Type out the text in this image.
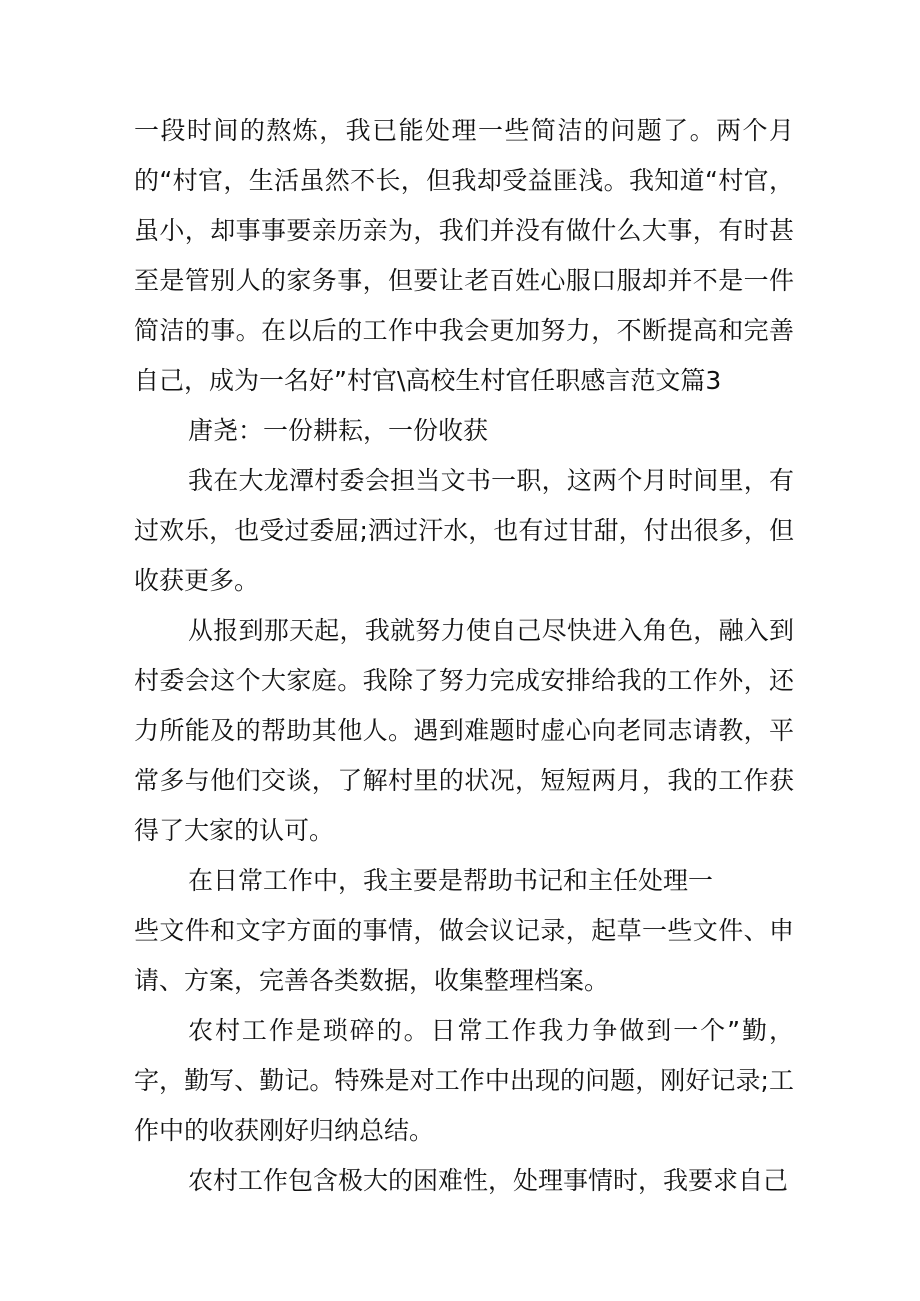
一段时间的熬炼，我已能处理一些简洁的问题了。两个月的“村官，生活虽然不长，但我却受益匪浅。我知道“村官，虽小，却事事要亲历亲为，我们并没有做什么大事，有时甚至是管别人的家务事，但要让老百姓心服口服却并不是一件简洁的事。在以后的工作中我会更加努力，不断提高和完善自己，成为一名好”村官\高校生村官任职感言范文篇3

唐尧：一份耕耘，一份收获

我在大龙潭村委会担当文书一职，这两个月时间里，有过欢乐，也受过委屈;洒过汗水，也有过甘甜，付出很多，但收获更多。

从报到那天起，我就努力使自己尽快进入角色，融入到村委会这个大家庭。我除了努力完成安排给我的工作外，还力所能及的帮助其他人。遇到难题时虚心向老同志请教，平常多与他们交谈，了解村里的状况，短短两月，我的工作获得了大家的认可。

在日常工作中，我主要是帮助书记和主任处理一

些文件和文字方面的事情，做会议记录，起草一些文件、申请、方案，完善各类数据，收集整理档案。

农村工作是琐碎的。日常工作我力争做到一个”勤，字，勤写、勤记。特殊是对工作中出现的问题，刚好记录;工作中的收获刚好归纳总结。

农村工作包含极大的困难性，处理事情时，我要求自己
